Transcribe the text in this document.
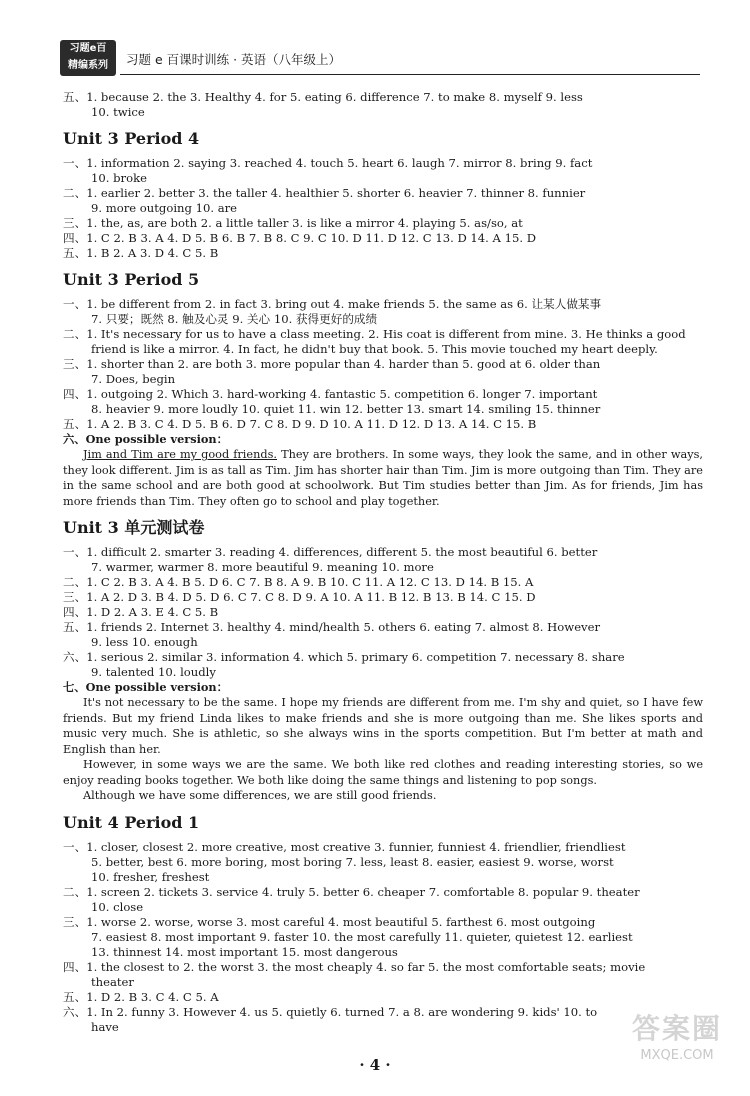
习题e百
精编系列	习题 e 百课时训练 · 英语（八年级上）
五、1. because 2. the 3. Healthy 4. for 5. eating 6. difference 7. to make 8. myself 9. less
10. twice
Unit 3 Period 4
一、1. information 2. saying 3. reached 4. touch 5. heart 6. laugh 7. mirror 8. bring 9. fact
10. broke
二、1. earlier 2. better 3. the taller 4. healthier 5. shorter 6. heavier 7. thinner 8. funnier
9. more outgoing 10. are
三、1. the, as, are both 2. a little taller 3. is like a mirror 4. playing 5. as/so, at
四、1. C 2. B 3. A 4. D 5. B 6. B 7. B 8. C 9. C 10. D 11. D 12. C 13. D 14. A 15. D
五、1. B 2. A 3. D 4. C 5. B
Unit 3 Period 5
一、1. be different from 2. in fact 3. bring out 4. make friends 5. the same as 6. 让某人做某事
7. 只要；既然 8. 触及心灵 9. 关心 10. 获得更好的成绩
二、1. It's necessary for us to have a class meeting. 2. His coat is different from mine. 3. He thinks a good
friend is like a mirror. 4. In fact, he didn't buy that book. 5. This movie touched my heart deeply.
三、1. shorter than 2. are both 3. more popular than 4. harder than 5. good at 6. older than
7. Does, begin
四、1. outgoing 2. Which 3. hard-working 4. fantastic 5. competition 6. longer 7. important
8. heavier 9. more loudly 10. quiet 11. win 12. better 13. smart 14. smiling 15. thinner
五、1. A 2. B 3. C 4. D 5. B 6. D 7. C 8. D 9. D 10. A 11. D 12. D 13. A 14. C 15. B
六、One possible version：
Jim and Tim are my good friends. They are brothers. In some ways, they look the same, and in other ways, they look different. Jim is as tall as Tim. Jim has shorter hair than Tim. Jim is more outgoing than Tim. They are in the same school and are both good at schoolwork. But Tim studies better than Jim. As for friends, Jim has more friends than Tim. They often go to school and play together.
Unit 3 单元测试卷
一、1. difficult 2. smarter 3. reading 4. differences, different 5. the most beautiful 6. better
7. warmer, warmer 8. more beautiful 9. meaning 10. more
二、1. C 2. B 3. A 4. B 5. D 6. C 7. B 8. A 9. B 10. C 11. A 12. C 13. D 14. B 15. A
三、1. A 2. D 3. B 4. D 5. D 6. C 7. C 8. D 9. A 10. A 11. B 12. B 13. B 14. C 15. D
四、1. D 2. A 3. E 4. C 5. B
五、1. friends 2. Internet 3. healthy 4. mind/health 5. others 6. eating 7. almost 8. However
9. less 10. enough
六、1. serious 2. similar 3. information 4. which 5. primary 6. competition 7. necessary 8. share
9. talented 10. loudly
七、One possible version：
It's not necessary to be the same. I hope my friends are different from me. I'm shy and quiet, so I have few friends. But my friend Linda likes to make friends and she is more outgoing than me. She likes sports and music very much. She is athletic, so she always wins in the sports competition. But I'm better at math and English than her.
However, in some ways we are the same. We both like red clothes and reading interesting stories, so we enjoy reading books together. We both like doing the same things and listening to pop songs.
Although we have some differences, we are still good friends.
Unit 4 Period 1
一、1. closer, closest 2. more creative, most creative 3. funnier, funniest 4. friendlier, friendliest
5. better, best 6. more boring, most boring 7. less, least 8. easier, easiest 9. worse, worst
10. fresher, freshest
二、1. screen 2. tickets 3. service 4. truly 5. better 6. cheaper 7. comfortable 8. popular 9. theater
10. close
三、1. worse 2. worse, worse 3. most careful 4. most beautiful 5. farthest 6. most outgoing
7. easiest 8. most important 9. faster 10. the most carefully 11. quieter, quietest 12. earliest
13. thinnest 14. most important 15. most dangerous
四、1. the closest to 2. the worst 3. the most cheaply 4. so far 5. the most comfortable seats; movie
theater
五、1. D 2. B 3. C 4. C 5. A
六、1. In 2. funny 3. However 4. us 5. quietly 6. turned 7. a 8. are wondering 9. kids' 10. to
have
· 4 ·
答案圈
MXQE.COM
